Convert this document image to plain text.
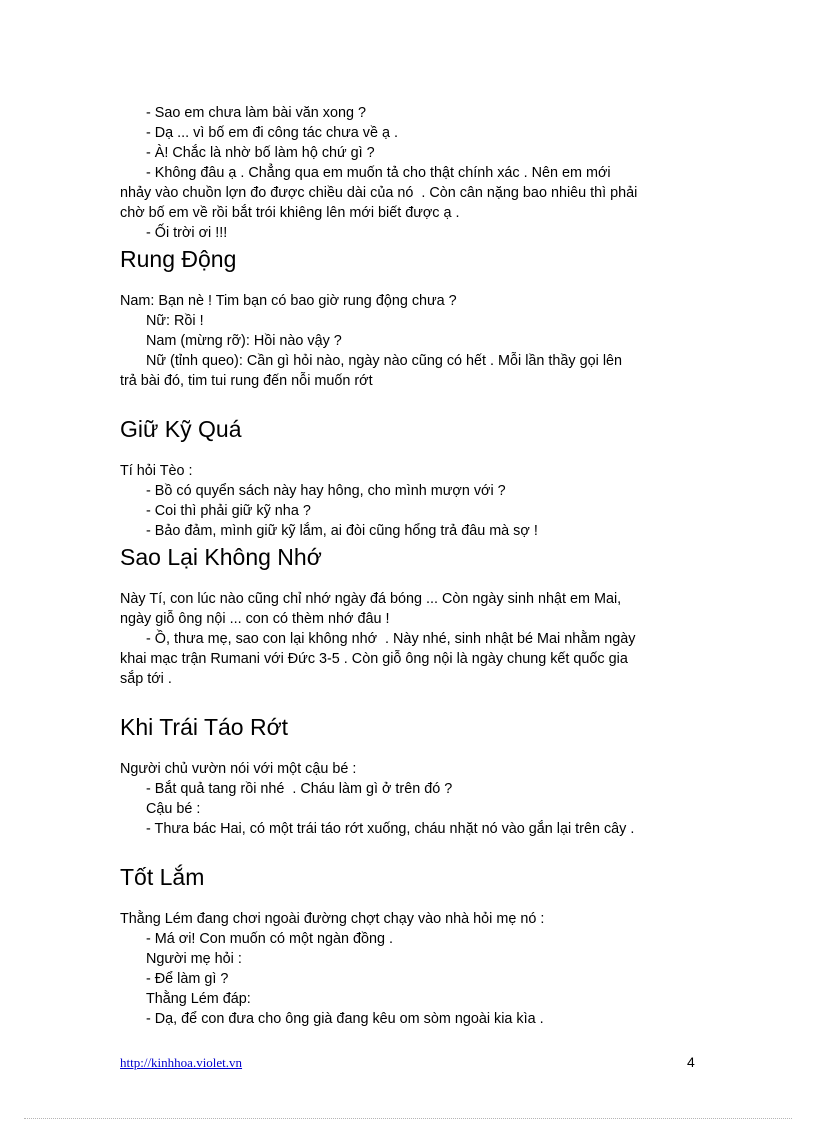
- Sao em chưa làm bài văn xong ?

- Dạ ... vì bố em đi công tác chưa về ạ .

- À! Chắc là nhờ bố làm hộ chứ gì ?

- Không đâu ạ . Chẳng qua em muốn tả cho thật chính xác . Nên em mới

nhảy vào chuồn lợn đo được chiều dài của nó  . Còn cân nặng bao nhiêu thì phải

chờ bố em về rồi bắt trói khiêng lên mới biết được ạ .

- Ối trời ơi !!!

Rung Động

Nam: Bạn nè ! Tim bạn có bao giờ rung động chưa ?

Nữ: Rồi !

Nam (mừng rỡ): Hồi nào vậy ?

Nữ (tỉnh queo): Cần gì hỏi nào, ngày nào cũng có hết . Mỗi lần thầy gọi lên

trả bài đó, tim tui rung đến nỗi muốn rớt

Giữ Kỹ Quá

Tí hỏi Tèo :

- Bồ có quyển sách này hay hông, cho mình mượn với ?

- Coi thì phải giữ kỹ nha ?

- Bảo đảm, mình giữ kỹ lắm, ai đòi cũng hổng trả đâu mà sợ !

Sao Lại Không Nhớ

Này Tí, con lúc nào cũng chỉ nhớ ngày đá bóng ... Còn ngày sinh nhật em Mai,

ngày giỗ ông nội ... con có thèm nhớ đâu !

- Ồ, thưa mẹ, sao con lại không nhớ  . Này nhé, sinh nhật bé Mai nhằm ngày

khai mạc trận Rumani với Đức 3-5 . Còn giỗ ông nội là ngày chung kết quốc gia

sắp tới .

Khi Trái Táo Rớt

Người chủ vườn nói với một cậu bé :

- Bắt quả tang rồi nhé  . Cháu làm gì ở trên đó ?

Cậu bé :

- Thưa bác Hai, có một trái táo rớt xuống, cháu nhặt nó vào gắn lại trên cây .

Tốt Lắm

Thằng Lém đang chơi ngoài đường chợt chạy vào nhà hỏi mẹ nó :

- Má ơi! Con muốn có một ngàn đồng .

Người mẹ hỏi :

- Để làm gì ?

Thằng Lém đáp:

- Dạ, để con đưa cho ông già đang kêu om sòm ngoài kia kìa .

http://kinhhoa.violet.vn	4
